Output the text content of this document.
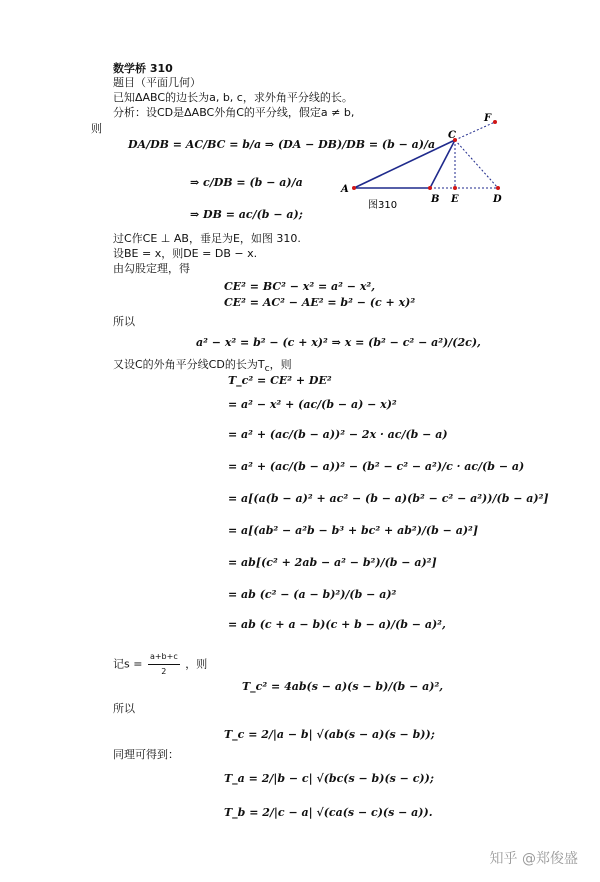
数学桥 310
题目（平面几何）
已知ΔABC的边长为a, b, c，求外角平分线的长。
分析：设CD是ΔABC外角C的平分线，假定a ≠ b,
则
DA/DB = AC/BC = b/a ⇒ (DA − DB)/DB = (b − a)/a
⇒ c/DB = (b − a)/a
⇒ DB = ac/(b − a);
A
B E	D
C
F
图310
过C作CE ⊥ AB，垂足为E，如图 310.
设BE = x，则DE = DB − x.
由勾股定理，得
CE² = BC² − x² = a² − x²,
CE² = AC² − AE² = b² − (c + x)²
所以
a² − x² = b² − (c + x)² ⇒ x = (b² − c² − a²)/(2c),
又设C的外角平分线CD的长为$T_c$，则
T_c² = CE² + DE²
= a² − x² + (ac/(b − a) − x)²
= a² + (ac/(b − a))² − 2x · ac/(b − a)
= a² + (ac/(b − a))² − (b² − c² − a²)/c · ac/(b − a)
= a[(a(b − a)² + ac² − (b − a)(b² − c² − a²))/(b − a)²]
= a[(ab² − a²b − b³ + bc² + ab²)/(b − a)²]
= ab[(c² + 2ab − a² − b²)/(b − a)²]
= ab (c² − (a − b)²)/(b − a)²
= ab (c + a − b)(c + b − a)/(b − a)²,
记$s = \frac{a+b+c}{2}$ ，则
T_c² = 4ab(s − a)(s − b)/(b − a)²,
所以
T_c = 2/|a − b| √(ab(s − a)(s − b));
同理可得到：
T_a = 2/|b − c| √(bc(s − b)(s − c));
T_b = 2/|c − a| √(ca(s − c)(s − a)).
知乎 @郑俊盛
